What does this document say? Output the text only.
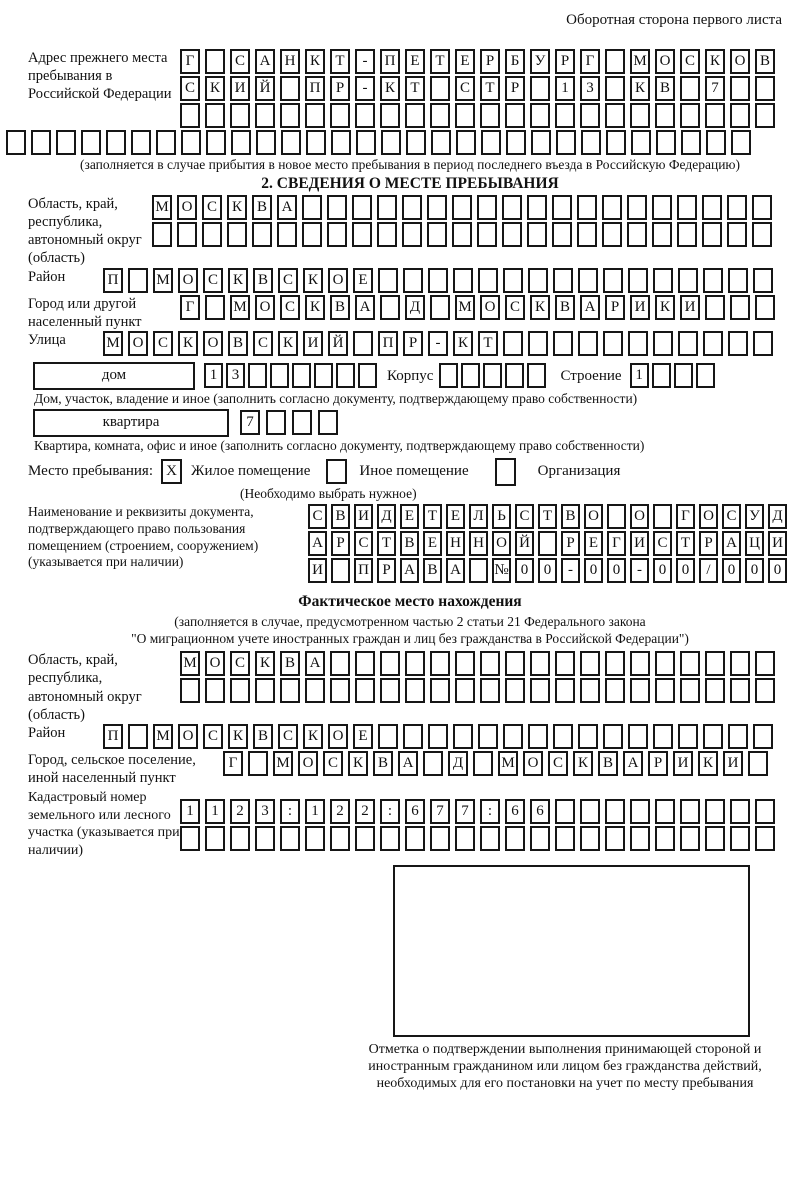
Оборотная сторона первого листа
Адрес прежнего места пребывания в Российской Федерации
Г	С А Н К	Т	-	П Е	Т	Е	Р	Б	У	Р	Г	М О С К О В
С К И Й	П	Р	-	К	Т	С	Т	Р	1	3	К В	7
(заполняется в случае прибытия в новое место пребывания в период последнего въезда в Российскую Федерацию)
2. СВЕДЕНИЯ О МЕСТЕ ПРЕБЫВАНИЯ
Область, край, республика, автономный округ (область)
М О С К В А
Район	П	М О С К В С К О Е
Город или другой населенный пункт
Г	М О С К В А	Д	М О С К В А	Р	И К И
Улица	М О С К О В С К И Й	П	Р	-	К	Т
дом	1 3	Корпус	Строение 1
Дом, участок, владение и иное (заполнить согласно документу, подтверждающему право собственности)
квартира	7
Квартира, комната, офис и иное (заполнить согласно документу, подтверждающему право собственности)
Место пребывания: X Жилое помещение	Иное помещение	Организация
(Необходимо выбрать нужное)
Наименование и реквизиты документа, подтверждающего право пользования помещением (строением, сооружением) (указывается при наличии)
С В И Д Е Т Е Л Ь С Т В О О	Г О С У Д
А Р С Т В Е Н Н О Й	Р Е Г И С Т Р А Ц И
И П Р А В А № 0	0	-	0	0	-	0	0	/	0	0	0
Фактическое место нахождения
(заполняется в случае, предусмотренном частью 2 статьи 21 Федерального закона
"О миграционном учете иностранных граждан и лиц без гражданства в Российской Федерации")
Область, край, республика, автономный округ (область)
М О С К В А
Район	П	М О С К В С К О Е
Город, сельское поселение, иной населенный пункт
Г	М О С К В А	Д	М О С К В А	Р	И К И
Кадастровый номер земельного или лесного участка (указывается при наличии)
1	1	2	3	:	1	2	2	:	6	7	7	:	6	6
Отметка о подтверждении выполнения принимающей стороной и иностранным гражданином или лицом без гражданства действий, необходимых для его постановки на учет по месту пребывания
